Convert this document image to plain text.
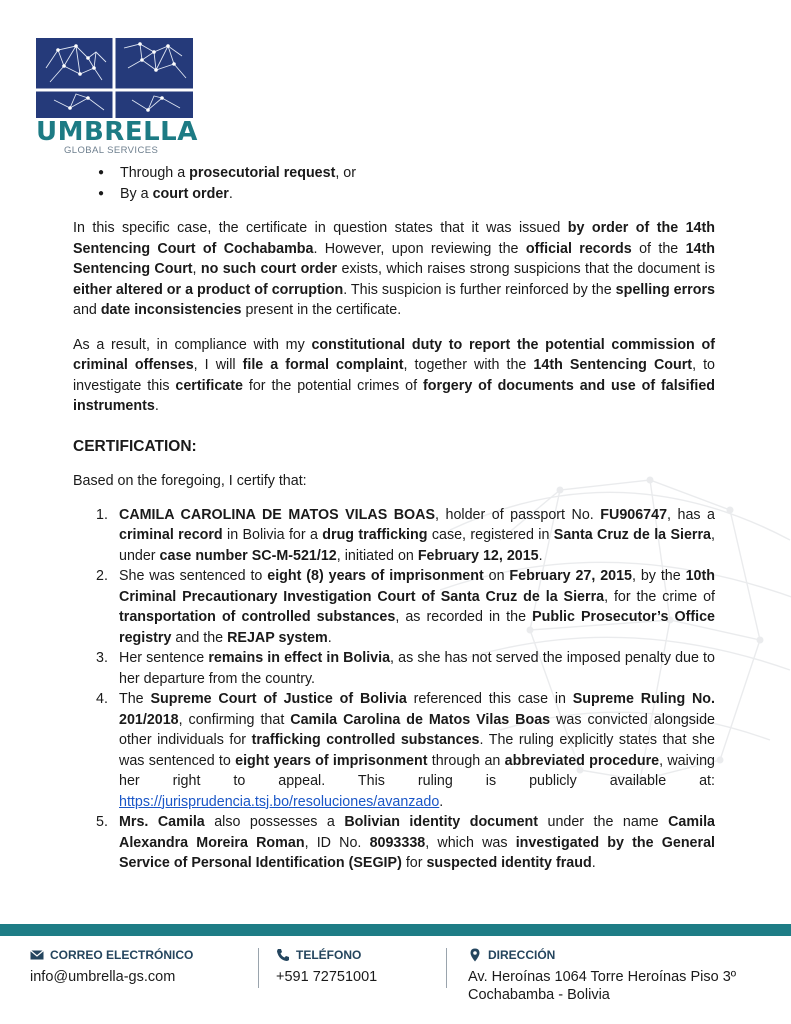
UMBRELLA
GLOBAL SERVICES
● Through a prosecutorial request, or
● By a court order.

In this specific case, the certificate in question states that it was issued by order of the 14th Sentencing Court of Cochabamba. However, upon reviewing the official records of the 14th Sentencing Court, no such court order exists, which raises strong suspicions that the document is either altered or a product of corruption. This suspicion is further reinforced by the spelling errors and date inconsistencies present in the certificate.

As a result, in compliance with my constitutional duty to report the potential commission of criminal offenses, I will file a formal complaint, together with the 14th Sentencing Court, to investigate this certificate for the potential crimes of forgery of documents and use of falsified instruments.

CERTIFICATION:

Based on the foregoing, I certify that:

1. CAMILA CAROLINA DE MATOS VILAS BOAS, holder of passport No. FU906747, has a criminal record in Bolivia for a drug trafficking case, registered in Santa Cruz de la Sierra, under case number SC-M-521/12, initiated on February 12, 2015.
2. She was sentenced to eight (8) years of imprisonment on February 27, 2015, by the 10th Criminal Precautionary Investigation Court of Santa Cruz de la Sierra, for the crime of transportation of controlled substances, as recorded in the Public Prosecutor’s Office registry and the REJAP system.
3. Her sentence remains in effect in Bolivia, as she has not served the imposed penalty due to her departure from the country.
4. The Supreme Court of Justice of Bolivia referenced this case in Supreme Ruling No. 201/2018, confirming that Camila Carolina de Matos Vilas Boas was convicted alongside other individuals for trafficking controlled substances. The ruling explicitly states that she was sentenced to eight years of imprisonment through an abbreviated procedure, waiving her right to appeal. This ruling is publicly available at: https://jurisprudencia.tsj.bo/resoluciones/avanzado.
5. Mrs. Camila also possesses a Bolivian identity document under the name Camila Alexandra Moreira Roman, ID No. 8093338, which was investigated by the General Service of Personal Identification (SEGIP) for suspected identity fraud.
CORREO ELECTRÓNICO
info@umbrella-gs.com
TELÉFONO
+591 72751001
DIRECCIÓN
Av. Heroínas 1064 Torre Heroínas Piso 3º
Cochabamba - Bolivia
